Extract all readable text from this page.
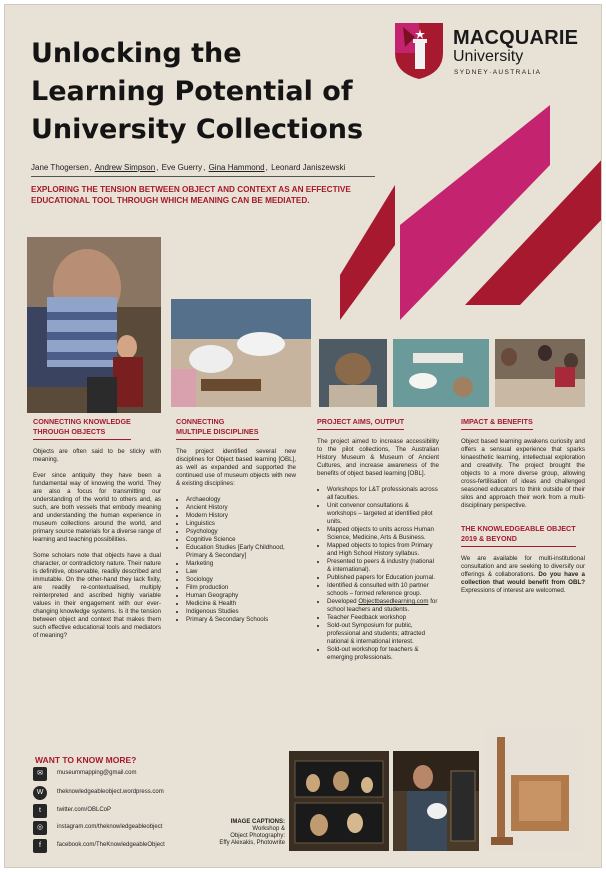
Unlocking the
Learning Potential of
University Collections
Jane Thogersen, Andrew Simpson, Eve Guerry, Gina Hammond, Leonard Janiszewski
EXPLORING THE TENSION BETWEEN OBJECT AND CONTEXT AS AN EFFECTIVE EDUCATIONAL TOOL THROUGH WHICH MEANING CAN BE MEDIATED.
MACQUARIE
University
SYDNEY·AUSTRALIA
CONNECTING KNOWLEDGE
THROUGH OBJECTS

Objects are often said to be sticky with meaning.

Ever since antiquity they have been a fundamental way of knowing the world. They are also a focus for transmitting our understanding of the world to others and, as such, are both vessels that embody meaning and understanding the human experience in museum collections around the world, and primary source materials for a diverse range of learning and teaching possibilities.

Some scholars note that objects have a dual character, or contradictory nature. Their nature is definitive, observable, readily described and immutable. On the other-hand they lack fixity, are readily re-contextualised, multiply reinterpreted and ascribed highly variable values in their engagement with our ever-changing knowledge systems. Is it the tension between object and context that makes them such effective educational tools and mediators of meaning?

CONNECTING
MULTIPLE DISCIPLINES

The project identified several new disciplines for Object based learning [OBL], as well as expanded and supported the continued use of museum objects with new & existing disciplines:

• Archaeology
• Ancient History
• Modern History
• Linguistics
• Psychology
• Cognitive Science
• Education Studies [Early Childhood, Primary & Secondary]
• Marketing
• Law
• Sociology
• Film production
• Human Geography
• Medicine & Health
• Indigenous Studies
• Primary & Secondary Schools
PROJECT AIMS, OUTPUT

The project aimed to increase accessibility to the pilot collections, The Australian History Museum & Museum of Ancient Cultures, and increase awareness of the benefits of object based learning [OBL].

• Workshops for L&T professionals across all faculties.
• Unit convenor consultations & workshops – targeted at identified pilot units.
• Mapped objects to units across Human Science, Medicine, Arts & Business.
• Mapped objects to topics from Primary and High School History syllabus.
• Presented to peers & industry (national & international).
• Published papers for Education journal.
• Identified & consulted with 10 partner schools – formed reference group.
• Developed Objectbasedlearning.com for school teachers and students.
• Teacher Feedback workshop
• Sold-out Symposium for public, professional and students; attracted national & international interest.
• Sold-out workshop for teachers & emerging professionals.
IMPACT & BENEFITS

Object based learning awakens curiosity and offers a sensual experience that sparks kinaesthetic learning, intellectual exploration and creativity. The project brought the objects to a more diverse group, allowing cross-fertilisation of ideas and challenged seasoned educators to think outside of their silos and approach their work from a multi-disciplinary perspective.

THE KNOWLEDGEABLE OBJECT
2019 & BEYOND

We are available for multi-institutional consultation and are seeking to diversify our offerings & collaborations. Do you have a collection that would benefit from OBL? Expressions of interest are welcomed.

WANT TO KNOW MORE?
✉	museummapping@gmail.com
W	theknowledgeableobject.wordpress.com
t	twitter.com/OBLCoP
◎	instagram.com/theknowledgeableobject
f	facebook.com/TheKnowledgeableObject
IMAGE CAPTIONS:
Workshop &
Object Photography:
Effy Alexakis, Photowrite
